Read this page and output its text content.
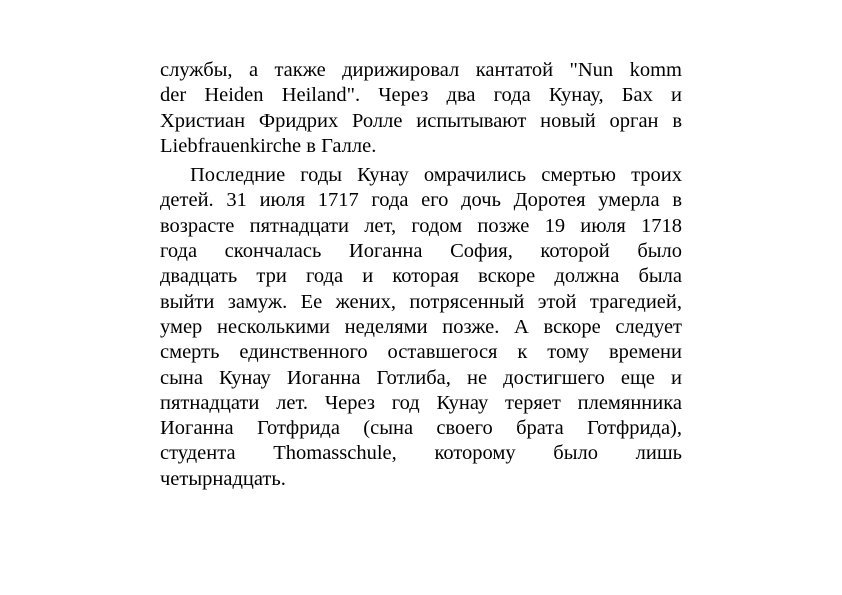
службы, а также дирижировал кантатой "Nun komm
der Heiden Heiland". Через два года Кунау, Бах и
Христиан Фридрих Ролле испытывают новый орган в
Liebfrauenkirche в Галле.
Последние годы Кунау омрачились смертью троих
детей. 31 июля 1717 года его дочь Доротея умерла в
возрасте пятнадцати лет, годом позже 19 июля 1718
года скончалась Иоганна София, которой было
двадцать три года и которая вскоре должна была
выйти замуж. Ее жених, потрясенный этой трагедией,
умер несколькими неделями позже. А вскоре следует
смерть единственного оставшегося к тому времени
сына Кунау Иоганна Готлиба, не достигшего еще и
пятнадцати лет. Через год Кунау теряет племянника
Иоганна Готфрида (сына своего брата Готфрида),
студента Thomasschule, которому было лишь
четырнадцать.
